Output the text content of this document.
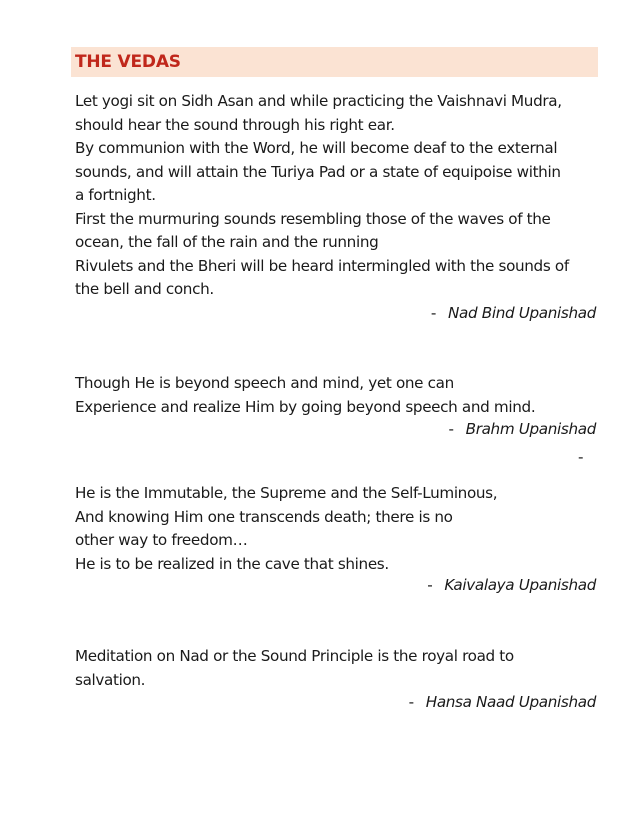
THE VEDAS

Let yogi sit on Sidh Asan and while practicing the Vaishnavi Mudra,

should hear the sound through his right ear.

By communion with the Word, he will become deaf to the external

sounds, and will attain the Turiya Pad or a state of equipoise within

a fortnight.

First the murmuring sounds resembling those of the waves of the

ocean, the fall of the rain and the running

Rivulets and the Bheri will be heard intermingled with the sounds of

the bell and conch.

- Nad Bind Upanishad

Though He is beyond speech and mind, yet one can

Experience and realize Him by going beyond speech and mind.

- Brahm Upanishad
-

He is the Immutable, the Supreme and the Self-Luminous,

And knowing Him one transcends death; there is no

other way to freedom…

He is to be realized in the cave that shines.

- Kaivalaya Upanishad

Meditation on Nad or the Sound Principle is the royal road to

salvation.

- Hansa Naad Upanishad
